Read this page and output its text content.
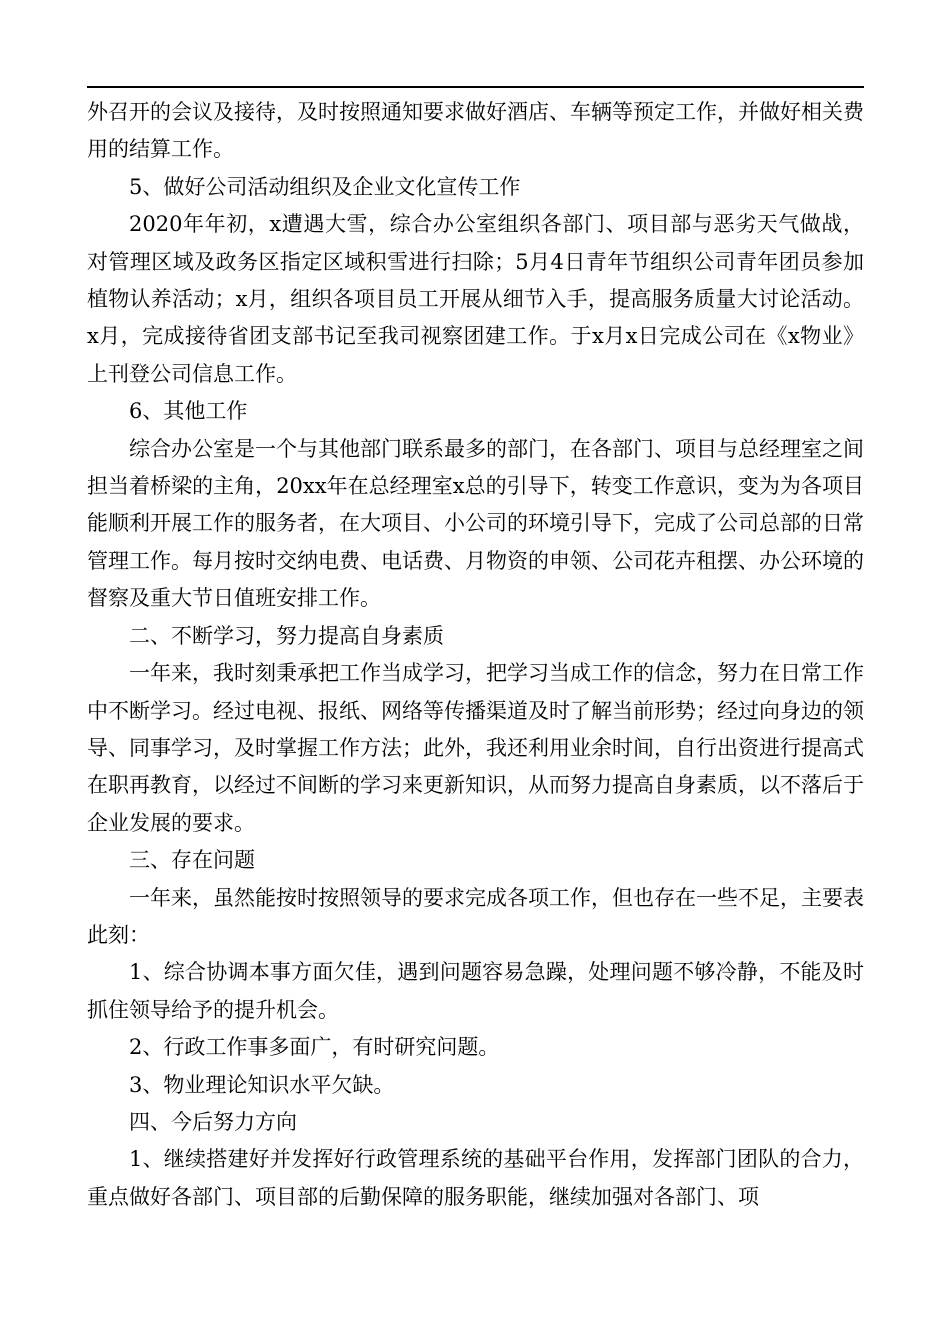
外召开的会议及接待，及时按照通知要求做好酒店、车辆等预定工作，并做好相关费用的结算工作。

5、做好公司活动组织及企业文化宣传工作

2020年年初，x遭遇大雪，综合办公室组织各部门、项目部与恶劣天气做战，对管理区域及政务区指定区域积雪进行扫除；5月4日青年节组织公司青年团员参加植物认养活动；x月，组织各项目员工开展从细节入手，提高服务质量大讨论活动。x月，完成接待省团支部书记至我司视察团建工作。于x月x日完成公司在《x物业》上刊登公司信息工作。

6、其他工作

综合办公室是一个与其他部门联系最多的部门，在各部门、项目与总经理室之间担当着桥梁的主角，20xx年在总经理室x总的引导下，转变工作意识，变为为各项目能顺利开展工作的服务者，在大项目、小公司的环境引导下，完成了公司总部的日常管理工作。每月按时交纳电费、电话费、月物资的申领、公司花卉租摆、办公环境的督察及重大节日值班安排工作。

二、不断学习，努力提高自身素质

一年来，我时刻秉承把工作当成学习，把学习当成工作的信念，努力在日常工作中不断学习。经过电视、报纸、网络等传播渠道及时了解当前形势；经过向身边的领导、同事学习，及时掌握工作方法；此外，我还利用业余时间，自行出资进行提高式在职再教育，以经过不间断的学习来更新知识，从而努力提高自身素质，以不落后于企业发展的要求。

三、存在问题

一年来，虽然能按时按照领导的要求完成各项工作，但也存在一些不足，主要表此刻：

1、综合协调本事方面欠佳，遇到问题容易急躁，处理问题不够冷静，不能及时抓住领导给予的提升机会。

2、行政工作事多面广，有时研究问题。

3、物业理论知识水平欠缺。

四、今后努力方向

1、继续搭建好并发挥好行政管理系统的基础平台作用，发挥部门团队的合力，重点做好各部门、项目部的后勤保障的服务职能，继续加强对各部门、项
